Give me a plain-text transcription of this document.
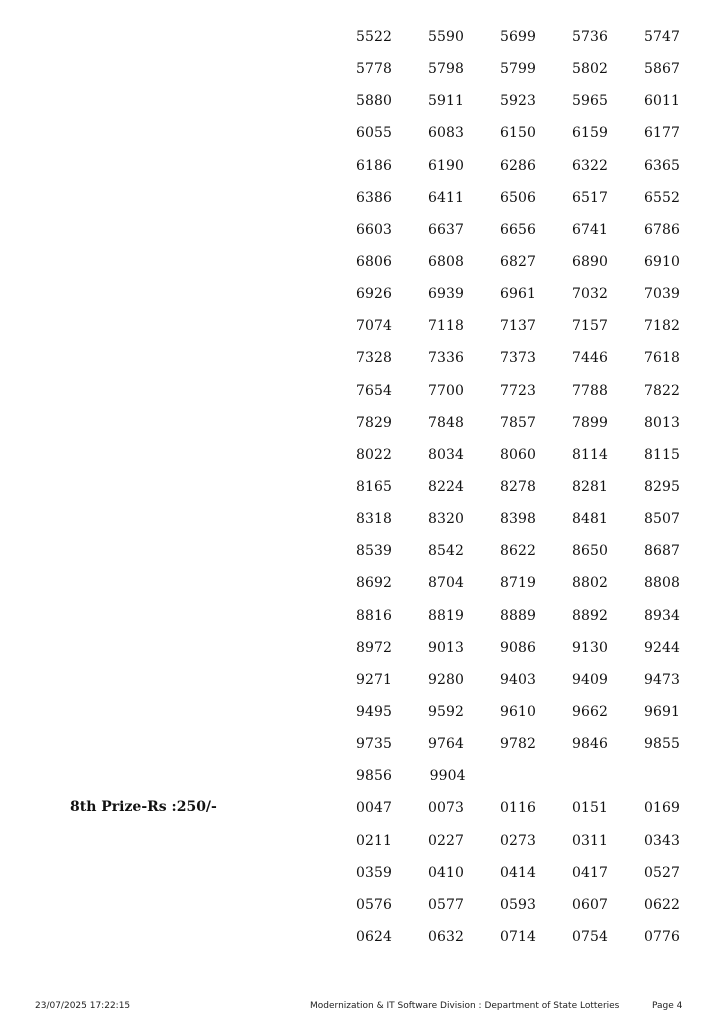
8th Prize-Rs :250/-
5522	5590	5699	5736	5747
5778	5798	5799	5802	5867
5880	5911	5923	5965	6011
6055	6083	6150	6159	6177
6186	6190	6286	6322	6365
6386	6411	6506	6517	6552
6603	6637	6656	6741	6786
6806	6808	6827	6890	6910
6926	6939	6961	7032	7039
7074	7118	7137	7157	7182
7328	7336	7373	7446	7618
7654	7700	7723	7788	7822
7829	7848	7857	7899	8013
8022	8034	8060	8114	8115
8165	8224	8278	8281	8295
8318	8320	8398	8481	8507
8539	8542	8622	8650	8687
8692	8704	8719	8802	8808
8816	8819	8889	8892	8934
8972	9013	9086	9130	9244
9271	9280	9403	9409	9473
9495	9592	9610	9662	9691
9735	9764	9782	9846	9855
9856	9904
0047	0073	0116	0151	0169
0211	0227	0273	0311	0343
0359	0410	0414	0417	0527
0576	0577	0593	0607	0622
0624	0632	0714	0754	0776
23/07/2025 17:22:15	Modernization & IT Software Division : Department of State Lotteries	Page 4
